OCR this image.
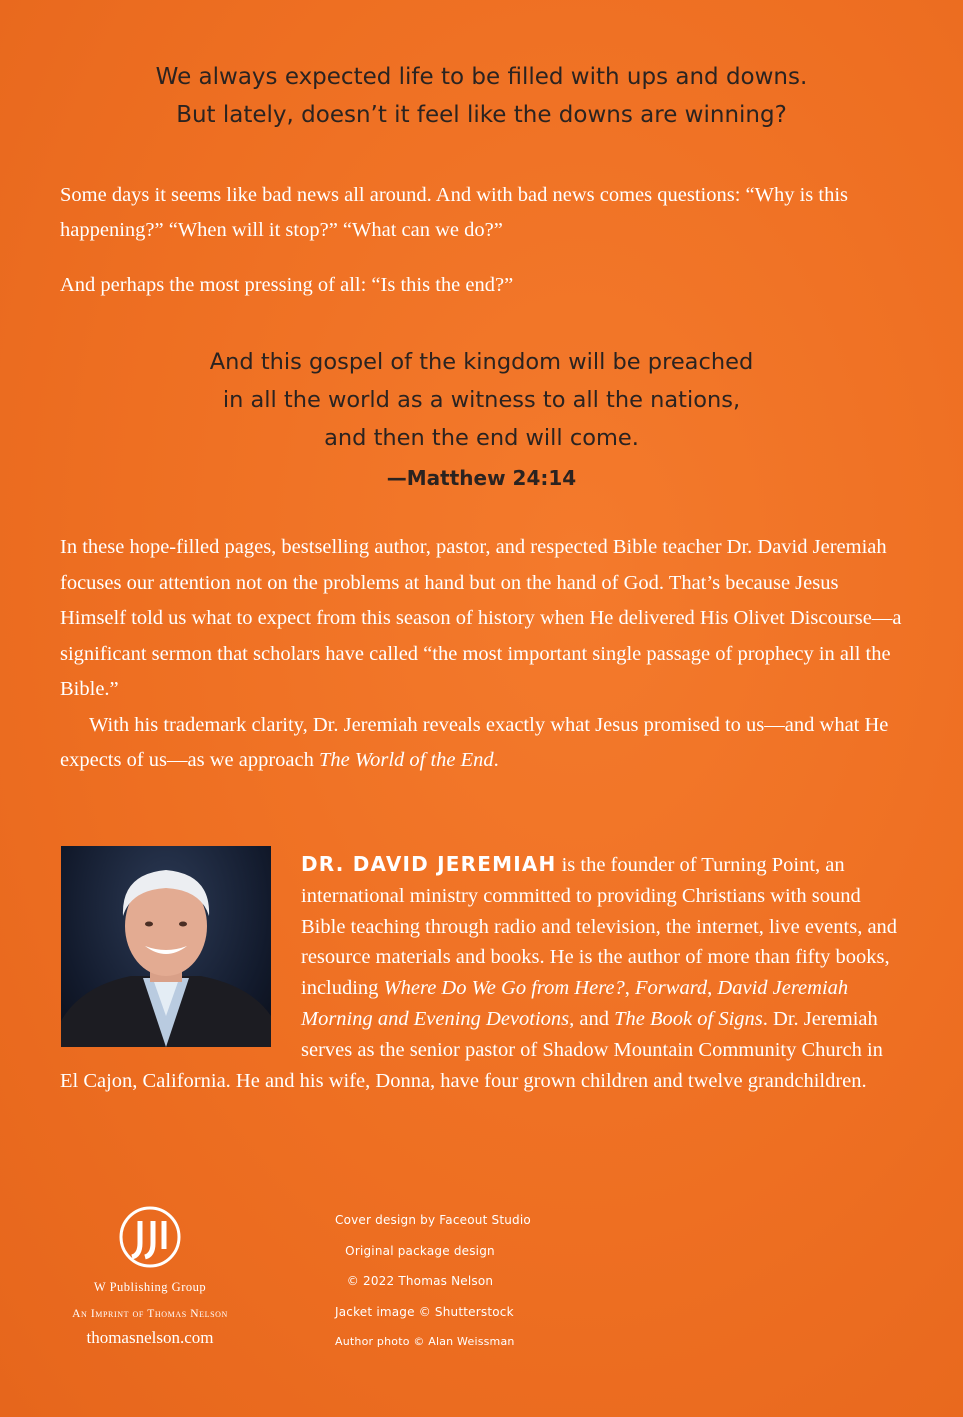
We always expected life to be filled with ups and downs.
But lately, doesn’t it feel like the downs are winning?

Some days it seems like bad news all around. And with bad news comes questions: “Why is this happening?” “When will it stop?” “What can we do?”

And perhaps the most pressing of all: “Is this the end?”

And this gospel of the kingdom will be preached
in all the world as a witness to all the nations,
and then the end will come.
—Matthew 24:14

In these hope-filled pages, bestselling author, pastor, and respected Bible teacher Dr. David Jeremiah focuses our attention not on the problems at hand but on the hand of God. That’s because Jesus Himself told us what to expect from this season of history when He delivered His Olivet Discourse—a significant sermon that scholars have called “the most important single passage of prophecy in all the Bible.”

With his trademark clarity, Dr. Jeremiah reveals exactly what Jesus promised to us—and what He expects of us—as we approach The World of the End.

DR. DAVID JEREMIAH is the founder of Turning Point, an international ministry committed to providing Christians with sound Bible teaching through radio and television, the internet, live events, and resource materials and books. He is the author of more than fifty books, including Where Do We Go from Here?, Forward, David Jeremiah Morning and Evening Devotions, and The Book of Signs. Dr. Jeremiah serves as the senior pastor of Shadow Mountain Community Church in El Cajon, California. He and his wife, Donna, have four grown children and twelve grandchildren.

W Publishing Group
An Imprint of Thomas Nelson
thomasnelson.com
Cover design by Faceout Studio
Original package design
© 2022 Thomas Nelson
Jacket image © Shutterstock
Author photo © Alan Weissman
